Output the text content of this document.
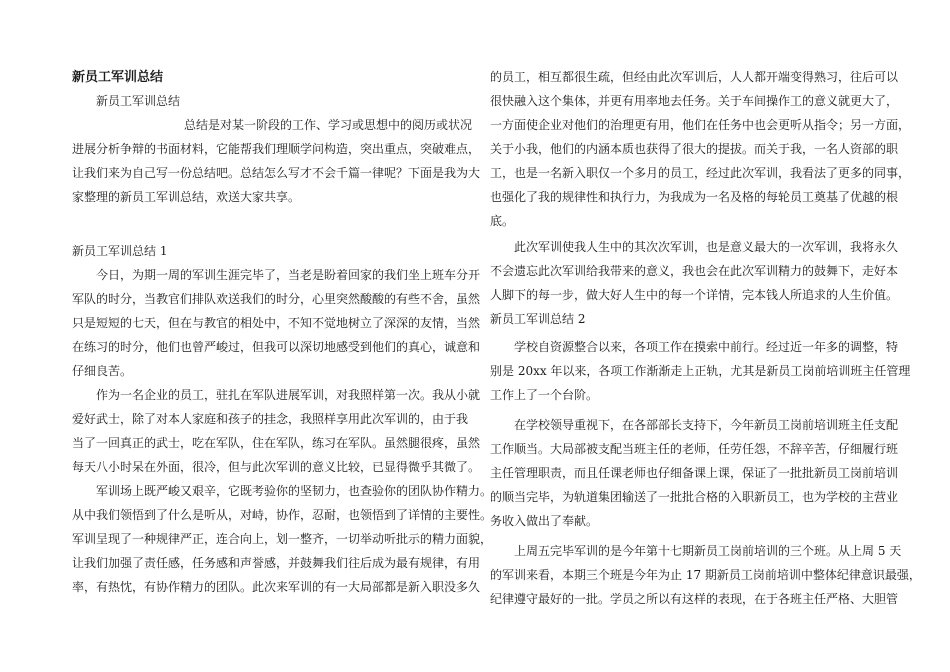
新员工军训总结
新员工军训总结
总结是对某一阶段的工作、学习或思想中的阅历或状况
进展分析争辩的书面材料，它能帮我们理顺学问构造，突出重点，突破难点，
让我们来为自己写一份总结吧。总结怎么写才不会千篇一律呢？下面是我为大
家整理的新员工军训总结，欢送大家共享。
新员工军训总结 1
今日，为期一周的军训生涯完毕了，当老是盼着回家的我们坐上班车分开
军队的时分，当教官们排队欢送我们的时分，心里突然酸酸的有些不舍，虽然
只是短短的七天，但在与教官的相处中，不知不觉地树立了深深的友情，当然
在练习的时分，他们也曾严峻过，但我可以深切地感受到他们的真心，诚意和
仔细良苦。
作为一名企业的员工，驻扎在军队进展军训，对我照样第一次。我从小就
爱好武士，除了对本人家庭和孩子的挂念，我照样享用此次军训的，由于我
当了一回真正的武士，吃在军队，住在军队，练习在军队。虽然腿很疼，虽然
每天八小时呆在外面，很冷，但与此次军训的意义比较，已显得微乎其微了。
军训场上既严峻又艰辛，它既考验你的坚韧力，也查验你的团队协作精力。
从中我们领悟到了什么是听从，对峙，协作，忍耐，也领悟到了详情的主要性。
军训呈现了一种规律严正，连合向上，划一整齐，一切举动听批示的精力面貌，
让我们加强了责任感，任务感和声誉感，并鼓舞我们往后成为最有规律，有用
率，有热忱，有协作精力的团队。此次来军训的有一大局部都是新入职没多久
的员工，相互都很生疏，但经由此次军训后，人人都开端变得熟习，往后可以
很快融入这个集体，并更有用率地去任务。关于车间操作工的意义就更大了，
一方面使企业对他们的治理更有用，他们在任务中也会更听从指令；另一方面，
关于小我，他们的内涵本质也获得了很大的提拔。而关于我，一名人资部的职
工，也是一名新入职仅一个多月的员工，经过此次军训，我看法了更多的同事，
也强化了我的规律性和执行力，为我成为一名及格的每轮员工奠基了优越的根
底。
此次军训使我人生中的其次次军训，也是意义最大的一次军训，我将永久
不会遗忘此次军训给我带来的意义，我也会在此次军训精力的鼓舞下，走好本
人脚下的每一步，做大好人生中的每一个详情，完本钱人所追求的人生价值。
新员工军训总结 2
学校自资源整合以来，各项工作在摸索中前行。经过近一年多的调整，特
别是 20xx 年以来，各项工作渐渐走上正轨，尤其是新员工岗前培训班主任管理
工作上了一个台阶。
在学校领导重视下，在各部部长支持下，今年新员工岗前培训班主任支配
工作顺当。大局部被支配当班主任的老师，任劳任怨，不辞辛苦，仔细履行班
主任管理职责，而且任课老师也仔细备课上课，保证了一批批新员工岗前培训
的顺当完毕，为轨道集团输送了一批批合格的入职新员工，也为学校的主营业
务收入做出了奉献。
上周五完毕军训的是今年第十七期新员工岗前培训的三个班。从上周 5 天
的军训来看，本期三个班是今年为止 17 期新员工岗前培训中整体纪律意识最强，
纪律遵守最好的一批。学员之所以有这样的表现，在于各班主任严格、大胆管
